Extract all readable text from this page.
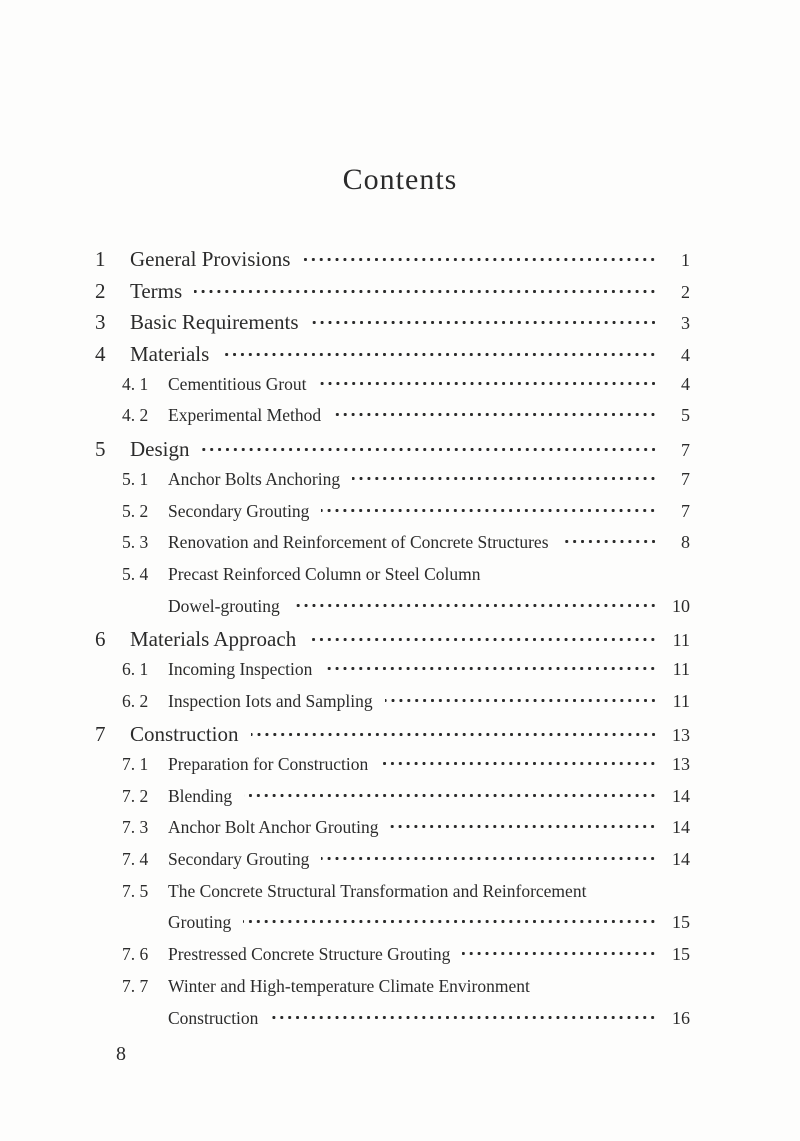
Contents
1	General Provisions	1
2	Terms	2
3	Basic Requirements	3
4	Materials	4
4. 1	Cementitious Grout	4
4. 2	Experimental Method	5
5	Design	7
5. 1	Anchor Bolts Anchoring	7
5. 2	Secondary Grouting	7
5. 3	Renovation and Reinforcement of Concrete Structures	8
5. 4	Precast Reinforced Column or Steel Column
Dowel-grouting	10
6	Materials Approach	11
6. 1	Incoming Inspection	11
6. 2	Inspection Iots and Sampling	11
7	Construction	13
7. 1	Preparation for Construction	13
7. 2	Blending	14
7. 3	Anchor Bolt Anchor Grouting	14
7. 4	Secondary Grouting	14
7. 5	The Concrete Structural Transformation and Reinforcement
Grouting	15
7. 6	Prestressed Concrete Structure Grouting	15
7. 7	Winter and High-temperature Climate Environment
Construction	16
8
